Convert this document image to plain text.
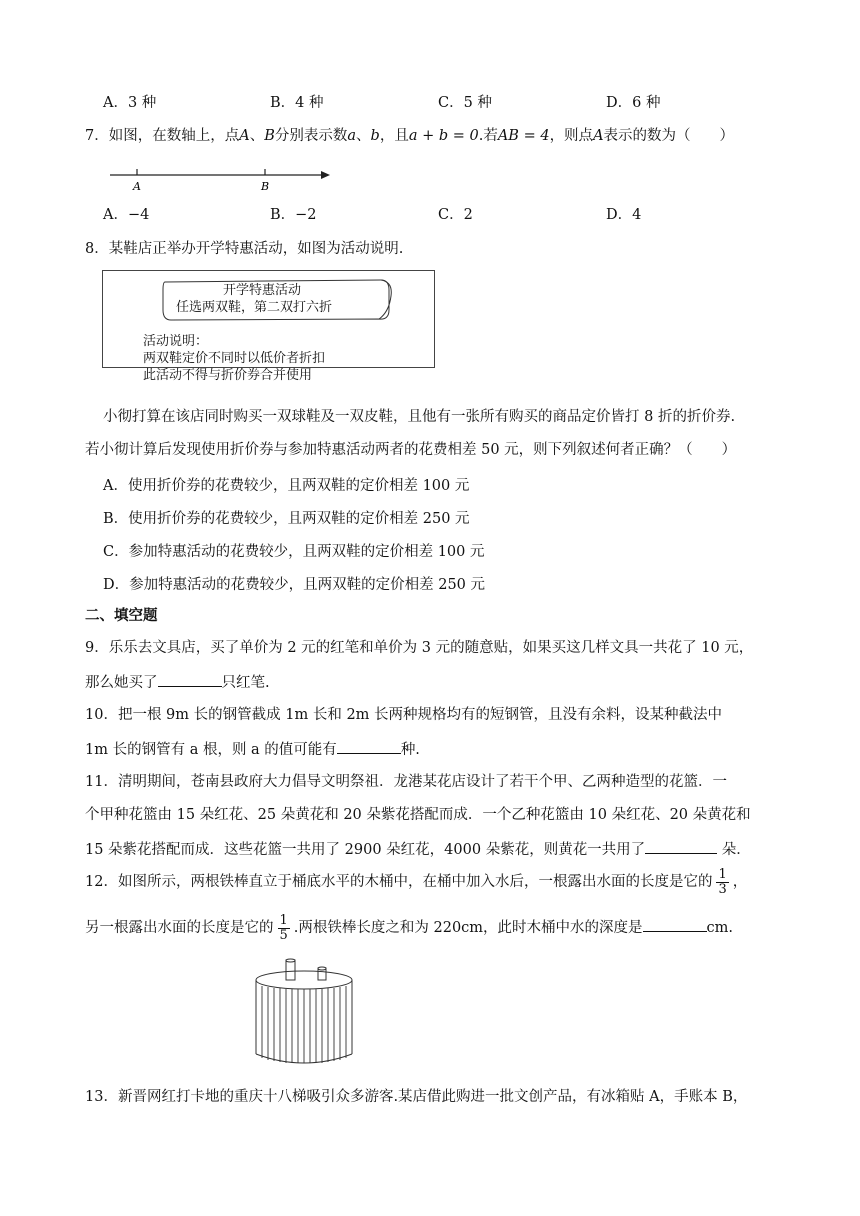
A．3 种	B．4 种	C．5 种	D．6 种
7．如图，在数轴上，点A、B分别表示数a、b，且a + b = 0.若AB = 4，则点A表示的数为（　　）
A	B
A．−4	B．−2	C．2	D．4
8．某鞋店正举办开学特惠活动，如图为活动说明.
开学特惠活动
任选两双鞋，第二双打六折
活动说明：
两双鞋定价不同时以低价者折扣
此活动不得与折价券合并使用
小彻打算在该店同时购买一双球鞋及一双皮鞋，且他有一张所有购买的商品定价皆打 8 折的折价券.
若小彻计算后发现使用折价券与参加特惠活动两者的花费相差 50 元，则下列叙述何者正确？（　　）
A．使用折价券的花费较少，且两双鞋的定价相差 100 元
B．使用折价券的花费较少，且两双鞋的定价相差 250 元
C．参加特惠活动的花费较少，且两双鞋的定价相差 100 元
D．参加特惠活动的花费较少，且两双鞋的定价相差 250 元
二、填空题
9．乐乐去文具店，买了单价为 2 元的红笔和单价为 3 元的随意贴，如果买这几样文具一共花了 10 元，
那么她买了	只红笔.
10．把一根 9m 长的钢管截成 1m 长和 2m 长两种规格均有的短钢管，且没有余料，设某种截法中
1m 长的钢管有 a 根，则 a 的值可能有	种.
11．清明期间，苍南县政府大力倡导文明祭祖．龙港某花店设计了若干个甲、乙两种造型的花篮．一
个甲种花篮由 15 朵红花、25 朵黄花和 20 朵紫花搭配而成．一个乙种花篮由 10 朵红花、20 朵黄花和
15 朵紫花搭配而成．这些花篮一共用了 2900 朵红花，4000 朵紫花，则黄花一共用了	朵．
12．如图所示，两根铁棒直立于桶底水平的木桶中，在桶中加入水后，一根露出水面的长度是它的 $\frac{1}{3}$ ，
另一根露出水面的长度是它的 $\frac{1}{5}$ .两根铁棒长度之和为 220cm，此时木桶中水的深度是	cm.
13．新晋网红打卡地的重庆十八梯吸引众多游客.某店借此购进一批文创产品，有冰箱贴 A，手账本 B，
